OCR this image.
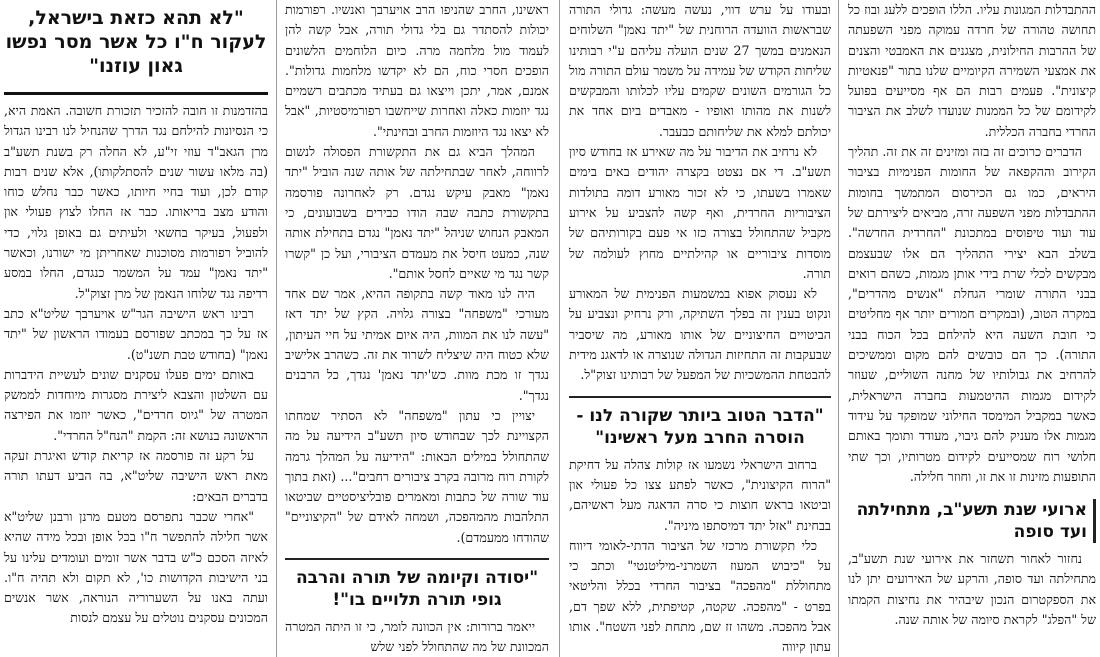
ההתבדלות המגונות עליו. הללו הופכים ללעג ובוז כל תחושה טהורה של חרדה עמוקה מפני השפעתה של ההרבות החילונית, מצגנים את האמבטי והצנים את אמצעי השמירה הקיומיים שלנו בתור "פנאטיות קיצונית". פעמים רבות הם אף מסייעים בפועל לקידומם של כל הממנות שנועדו לשלב את הציבור החרדי בחברה הכללית.

הדברים כרוכים זה בזה ומזינים זה את זה. תהליך הקירוב וההקפאה של החומות הפנימיות בציבור היראים, כמו גם הכירסום המתמשך בחומות ההתבדלות מפני השפעה זרה, מביאים ליצירתם של עוד ועוד טיפוסים במתכונת "החרדית החדשה". בשלב הבא יצירי התהליך הם אלו שבעצמם מבקשים לכלי שרת בידי אותן מגמות, כשהם רואים בבני התורה שומרי הגחלת "אנשים מהדרים", במקרה הטוב, (ובמקרים חמורים יותר אף מחליטים כי חובת השעה היא להילחם בכל הכוח בבני התורה). כך הם כובשים להם מקום וממשיכים להרחיב את גבולותיו של מחנה השוליים, שעוזר לקידום מגמות ההיטמעות בחברה הישראלית, כאשר במקביל המימסד החילוני שמופקד על עידוד מגמות אלו מעניק להם גיבוי, מעודד ותומך באותם חלושי רוח שמסייעים לקידום מטרותיו, וכך שתי התופעות מזינות זו את זו, וחוזר חלילה.

ארועי שנת תשע"ב, מתחילתה ועד סופה

נחזור לאחור תשחזר את אירועי שנת תשע"ב, מתחילתה ועד סופה, והרקע של האירועים יתן לנו את הספקטרום הנכון שיבהיר את נחיצות הקמתו של "הפלג" לקראת סיומה של אותה שנה.

ובעודו על ערש דווי, נעשה מעשה: גדולי התורה שבראשות הוועדה הרוחנית של "יתד נאמן" השלוחים הנאמנים במשך 27 שנים הועלה עליהם ע"י רבותינו שליחות הקודש של עמידה על משמר עולם התורה מול כל הגורמים השונים שקמים עליו לכלותו והמבקשים לשנות את מהותו ואופיו - מאבדים ביום אחד את יכולתם למלא את שליחותם כבעבר.

לא נרחיב את הדיבור על מה שאירע אז בחודש סיון תשע"ב. די אם נצטט בקצרה יהודים באים בימים שאמרו בשעתו, כי לא זכור מאורע דומה בתולדות הציבוריות החרדית, ואף קשה להצביע על אירוע מקביל שהתחולל בצורה כזו אי פעם בקורותיהם של מוסדות ציבוריים או קהילתיים מחוץ לעולמה של תורה.

לא נעסוק אפוא במשמעות הפנימית של המאורע ונקוט בענין זה בפלך השתיקה, ורק נרחיק ונצביע על הביטויים החיצוניים של אותו מאורע, מה שיסביר שבעקבות זה התחיזות הגדולה שנוצרה או לדאגנ מידית להבטחת ההמשכיות של המפעל של רבותינו זצוק"ל.

"הדבר הטוב ביותר שקורה לנו - הוסרה החרב מעל ראשינו"

ברחוב הישראלי נשמעו אז קולות צהלה על דחיקת "הרוח הקיצונית", כאשר לפתע צצו כל פעולי און וביטאו בראש חוצות כי סרה הדאגה מעל ראשיהם, בבחינת "אזל יתד דמיסתפו מיניה".

כלי תקשורת מרכזי של הציבור הדתי-לאומי דיווח על "כיבוש המעוז השמרני-מיליטנטי" וכתב כי מתחוללת "מהפכה" בציבור החרדי בכלל והליטאי בפרט - "מהפכה. שקטה, קטיפתית, ללא שפך דם, אבל מהפכה. משהו זז שם, מתחת לפני השטח". אותו עתון קיווה

ראשינו, החרב שהניפו הרב אויערבך ואנשיו. רפורמות יכולות להסתדר גם בלי גדולי תורה, אבל קשה להן לעמוד מול מלחמה מרה. כיום הלוחמים הלשונים הופכים חסרי כוח, הם לא יקדשו מלחמות גדולות". אמנם, אמר, יתכן וייצאו גם בעתיד מכתבים רשמיים נגד יוזמות כאלה ואחרות שייחשבו רפורמיסטיות, "אבל לא יצאו נגד היוזמות החרב ובחינתי".

המהלך הביא גם את התקשורת הפסולה לנשום לרווחה, לאחר שבתחילתה של אותה שנה הוביל "יתד נאמן" מאבק עיקש נגדם. רק לאחרונה פורסמה בתקשורת כתבה שבה הודו כבירים בשבועונים, כי המאבק הנחוש שניהל "יתד נאמן" נגדם בתחילת אותה שנה, כמעט חיסל את מעמדם הציבורי, ועל כן "קשרו קשר נגד מי שאיים לחסל אותם".

היה לנו מאוד קשה בתקופה ההיא, אמר שם אחד מעורכי "משפחה" בצורה גלויה. הקץ של יתד דאז "עשה לנו את המוות, היה איום אמיתי על חיי העיתון, שלא כטוח היה שיצליח לשרוד את זה. כשהרב אלישיב נגדך זו מכת מוות. כש'יתד נאמן' נגדך, כל הרבנים נגדך".

יצויין כי עתון "משפחה" לא הסתיר שמחתו הקצויינת לכך שבחודש סיון תשע"ב הידיעה על מה שהתחולל במילים הבאות: "הידיעה על המהלך גרמה לקורת רוח מרובה בקרב ציבורים רחבים"... (זאת בתוך עוד שורה של כתבות ומאמרים פובליציסטיים שביטאו התלהבות מהמהפכה, ושמחה לאידם של "הקיצוניים" שהודחו ממעמדם).

"יסודה וקיומה של תורה והרבה גופי תורה תלויים בו"!

ייאמר ברורות: אין הכוונה לומר, כי זו היתה המטרה המכוונת של מה שהתחולל לפני שלש

"לא תהא כזאת בישראל, לעקור ח"ו כל אשר מסר נפשו גאון עוזנו"

בהזדמנות זו חובה להזכיר תזכורת חשובה. האמת היא, כי הנסיונות להילחם נגד הדרך שהנחיל לנו רבינו הגדול מרן הגאב"ד עוזי זי"ע, לא החלה רק בשנת תשע"ב (בה מלאו עשור שנים להסתלקותו), אלא שנים רבות קודם לכן, ועוד בחיי חיותו, כאשר כבר נחלש כוחו והודע מצב בריאותו. כבר אז החלו לצוץ פעולי און ולפעול, בעיקר בחשאי ולעיתים גם באופן גלוי, כדי להוביל רפורמות מסוכנות שאחריתן מי ישורנו, וכאשר "יתד נאמן" עמד על המשמר כנגדם, החלו במסע רדיפה נגד שלוחו הנאמן של מרן זצוק"ל.

רבינו ראש הישיבה הגר"ש אויערבך שליט"א כתב אז על כך במכתב שפורסם בעמודו הראשון של "יתד נאמן" (בחודש טבת תשנ"ט).

באותם ימים פעלו עסקנים שונים לעשיית הידברות עם השלטון והצבא ליצירת מסגרות מיוחדות לממשק המטרה של "גיוס חרדים", כאשר יוזמו את הפירצה הראשונה בנושא זה: הקמת "הנח"ל החרדי".

על רקע זה פורסמה אז קריאת קודש ואיגרת זעקה מאת ראש הישיבה שליט"א, בה הביע דעתו תורה בדברים הבאים:

"אחרי שכבר נתפרסם מטעם מרנן ורבנן שליט"א אשר חלילה להתפשר ח"ו בכל אופן ובכל מידה שהיא לאיזה הסכם כ"ש בדבר אשר זומים ועומדים עלינו על בני הישיבות הקדושות כו', לא תקום ולא תהיה ח"ו. ועתה באנו על השערוריה הנוראה, אשר אנשים המכונים עסקנים נוטלים על עצמם לנסות
